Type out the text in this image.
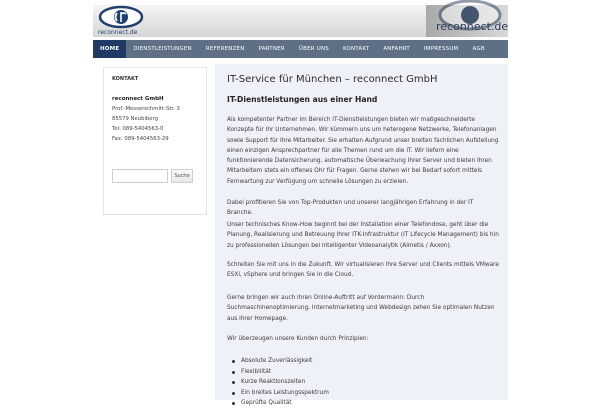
reconnect.de	reconnect.de
HOME	DIENSTLEISTUNGEN	REFERENZEN	PARTNER	ÜBER UNS	KONTAKT	ANFAHRT	IMPRESSUM	AGB
KONTAKT
reconnect GmbH
Prof.-Messerschmitt-Str. 3
85579 Neubiberg
Tel: 089-5404563-0
Fax: 089-5404563-29
Suche
IT-Service für München – reconnect GmbH
IT-Dienstleistungen aus einer Hand
Als kompetenter Partner im Bereich IT-Dienstleistungen bieten wir maßgeschneiderte Konzepte für Ihr Unternehmen. Wir kümmern uns um heterogene Netzwerke, Telefonanlagen sowie Support für Ihre Mitarbeiter. Sie erhalten Aufgrund unser breiten fachlichen Aufstellung einen einzigen Ansprechpartner für alle Themen rund um die IT. Wir liefern eine funktionierende Datensicherung, automatische Überwachung Ihrer Server und bieten Ihren Mitarbeitern stets ein offenes Ohr für Fragen. Gerne stehen wir bei Bedarf sofort mittels Fernwartung zur Verfügung um schnelle Lösungen zu erzielen.
Dabei profitieren Sie von Top-Produkten und unserer langjährigen Erfahrung in der IT Branche.
Unser technisches Know-How beginnt bei der Installation einer Telefondose, geht über die Planung, Realisierung und Betreuung Ihrer ITK-Infrastruktur (IT Lifecycle Management) bis hin zu professionellen Lösungen bei intelligenter Videoanalytik (Aimetis / Axxon).
Schreiten Sie mit uns in die Zukunft. Wir virtualisieren Ihre Server und Clients mittels VMware ESXi, vSphere und bringen Sie in die Cloud.
Gerne bringen wir auch ihren Online-Auftritt auf Vordermann: Durch Suchmaschinenoptimierung, Internetmarketing und Webdesign zehen Sie optimalen Nutzen aus ihrer Homepage.
Wir überzeugen unsere Kunden durch Prinzipien:
Absolute Zuverlässigkeit
Flexibilität
Kurze Reaktionszeiten
Ein breites Leistungsspektrum
Geprüfte Qualität
